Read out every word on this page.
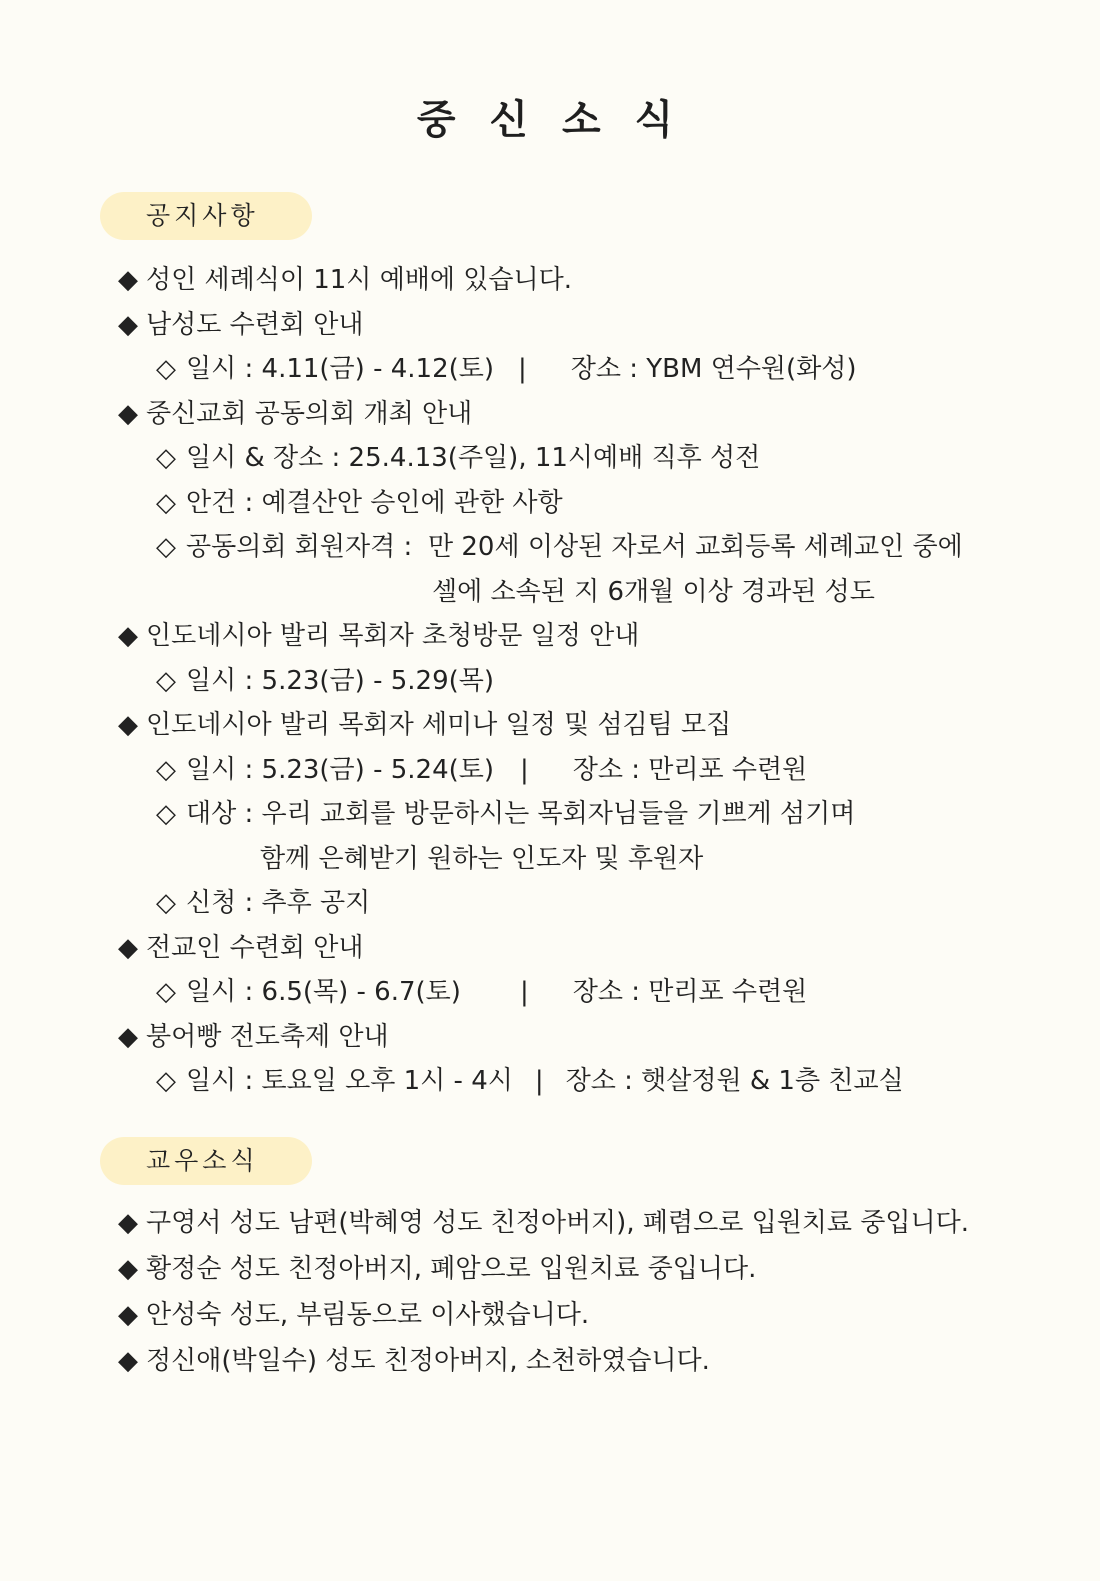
중 신 소 식
공지사항
◆ 성인 세례식이 11시 예배에 있습니다.
◆ 남성도 수련회 안내
◇ 일시 : 4.11(금) - 4.12(토) | 장소 : YBM 연수원(화성)
◆ 중신교회 공동의회 개최 안내
◇ 일시 & 장소 : 25.4.13(주일), 11시예배 직후 성전
◇ 안건 : 예결산안 승인에 관한 사항
◇ 공동의회 회원자격 : 만 20세 이상된 자로서 교회등록 세례교인 중에
셀에 소속된 지 6개월 이상 경과된 성도
◆ 인도네시아 발리 목회자 초청방문 일정 안내
◇ 일시 : 5.23(금) - 5.29(목)
◆ 인도네시아 발리 목회자 세미나 일정 및 섬김팀 모집
◇ 일시 : 5.23(금) - 5.24(토) | 장소 : 만리포 수련원
◇ 대상 : 우리 교회를 방문하시는 목회자님들을 기쁘게 섬기며
함께 은혜받기 원하는 인도자 및 후원자
◇ 신청 : 추후 공지
◆ 전교인 수련회 안내
◇ 일시 : 6.5(목) - 6.7(토) | 장소 : 만리포 수련원
◆ 붕어빵 전도축제 안내
◇ 일시 : 토요일 오후 1시 - 4시 | 장소 : 햇살정원 & 1층 친교실
교우소식
◆ 구영서 성도 남편(박혜영 성도 친정아버지), 폐렴으로 입원치료 중입니다.
◆ 황정순 성도 친정아버지, 폐암으로 입원치료 중입니다.
◆ 안성숙 성도, 부림동으로 이사했습니다.
◆ 정신애(박일수) 성도 친정아버지, 소천하였습니다.
